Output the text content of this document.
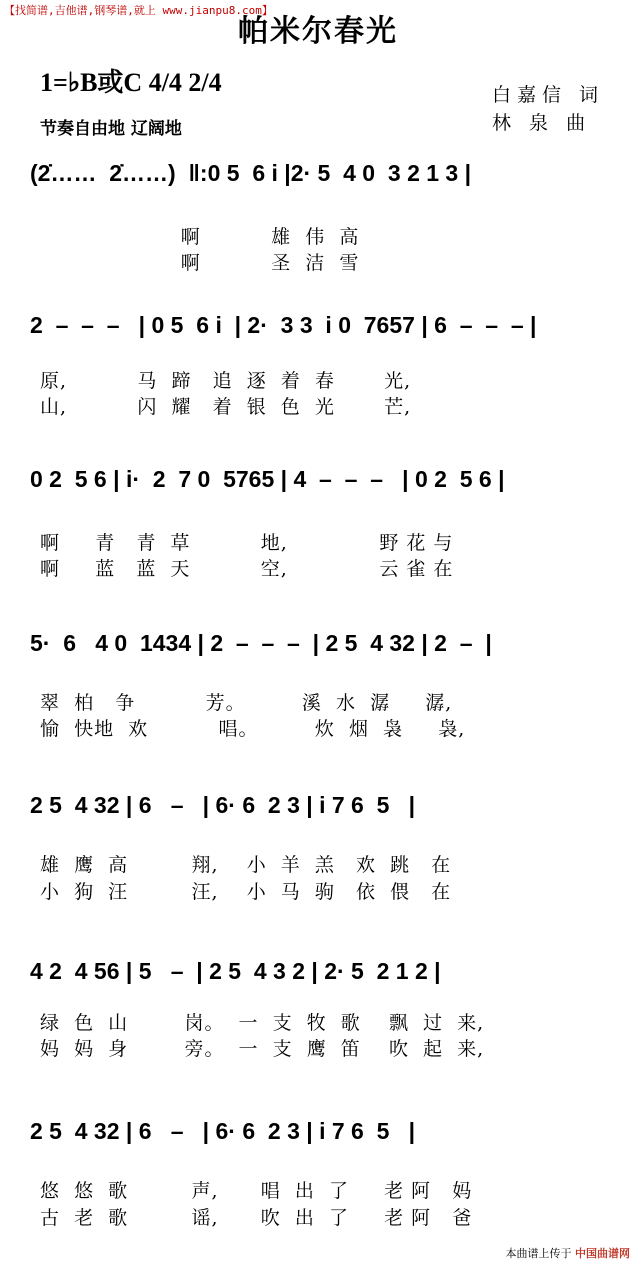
【找简谱,吉他谱,钢琴谱,就上 www.jianpu8.com】
帕米尔春光
1=♭B或C 4/4 2/4
节奏自由地 辽阔地
白嘉信 词
林 泉 曲
(2̇……  2̇……)  ‖:0 5  6 i |2· 5  4 0  3 2 1 3 |
啊          雄  伟  高
啊          圣  洁  雪
2  –  –  –   | 0 5  6 i  | 2·  3 3  i 0  7657 | 6  –  –  – |
原,          马  蹄   追  逐  着  春       光,
山,          闪  耀   着  银  色  光       芒,
0 2  5 6 | i·  2  7 0  5765 | 4  –  –  –   | 0 2  5 6 |
啊     青   青  草          地,             野 花 与
啊     蓝   蓝  天          空,             云 雀 在
5·  6   4 0  1434 | 2  –  –  –  | 2 5  4 32 | 2  –  |
翠  柏   争          芳。        溪  水  潺     潺,
愉  快地  欢          唱。        炊  烟  袅     袅,
2 5  4 32 | 6   –   | 6· 6  2 3 | i 7 6  5   |
雄  鹰  高         翔,    小  羊  羔   欢  跳   在
小  狗  汪         汪,    小  马  驹   依  偎   在
4 2  4 56 | 5   –  | 2 5  4 3 2 | 2· 5  2 1 2 |
绿  色  山        岗。  一  支  牧  歌    飘  过  来,
妈  妈  身        旁。  一  支  鹰  笛    吹  起  来,
2 5  4 32 | 6   –   | 6· 6  2 3 | i 7 6  5   |
悠  悠  歌         声,      唱  出  了     老 阿   妈
古  老  歌         谣,      吹  出  了     老 阿   爸
本曲谱上传于 中国曲谱网
